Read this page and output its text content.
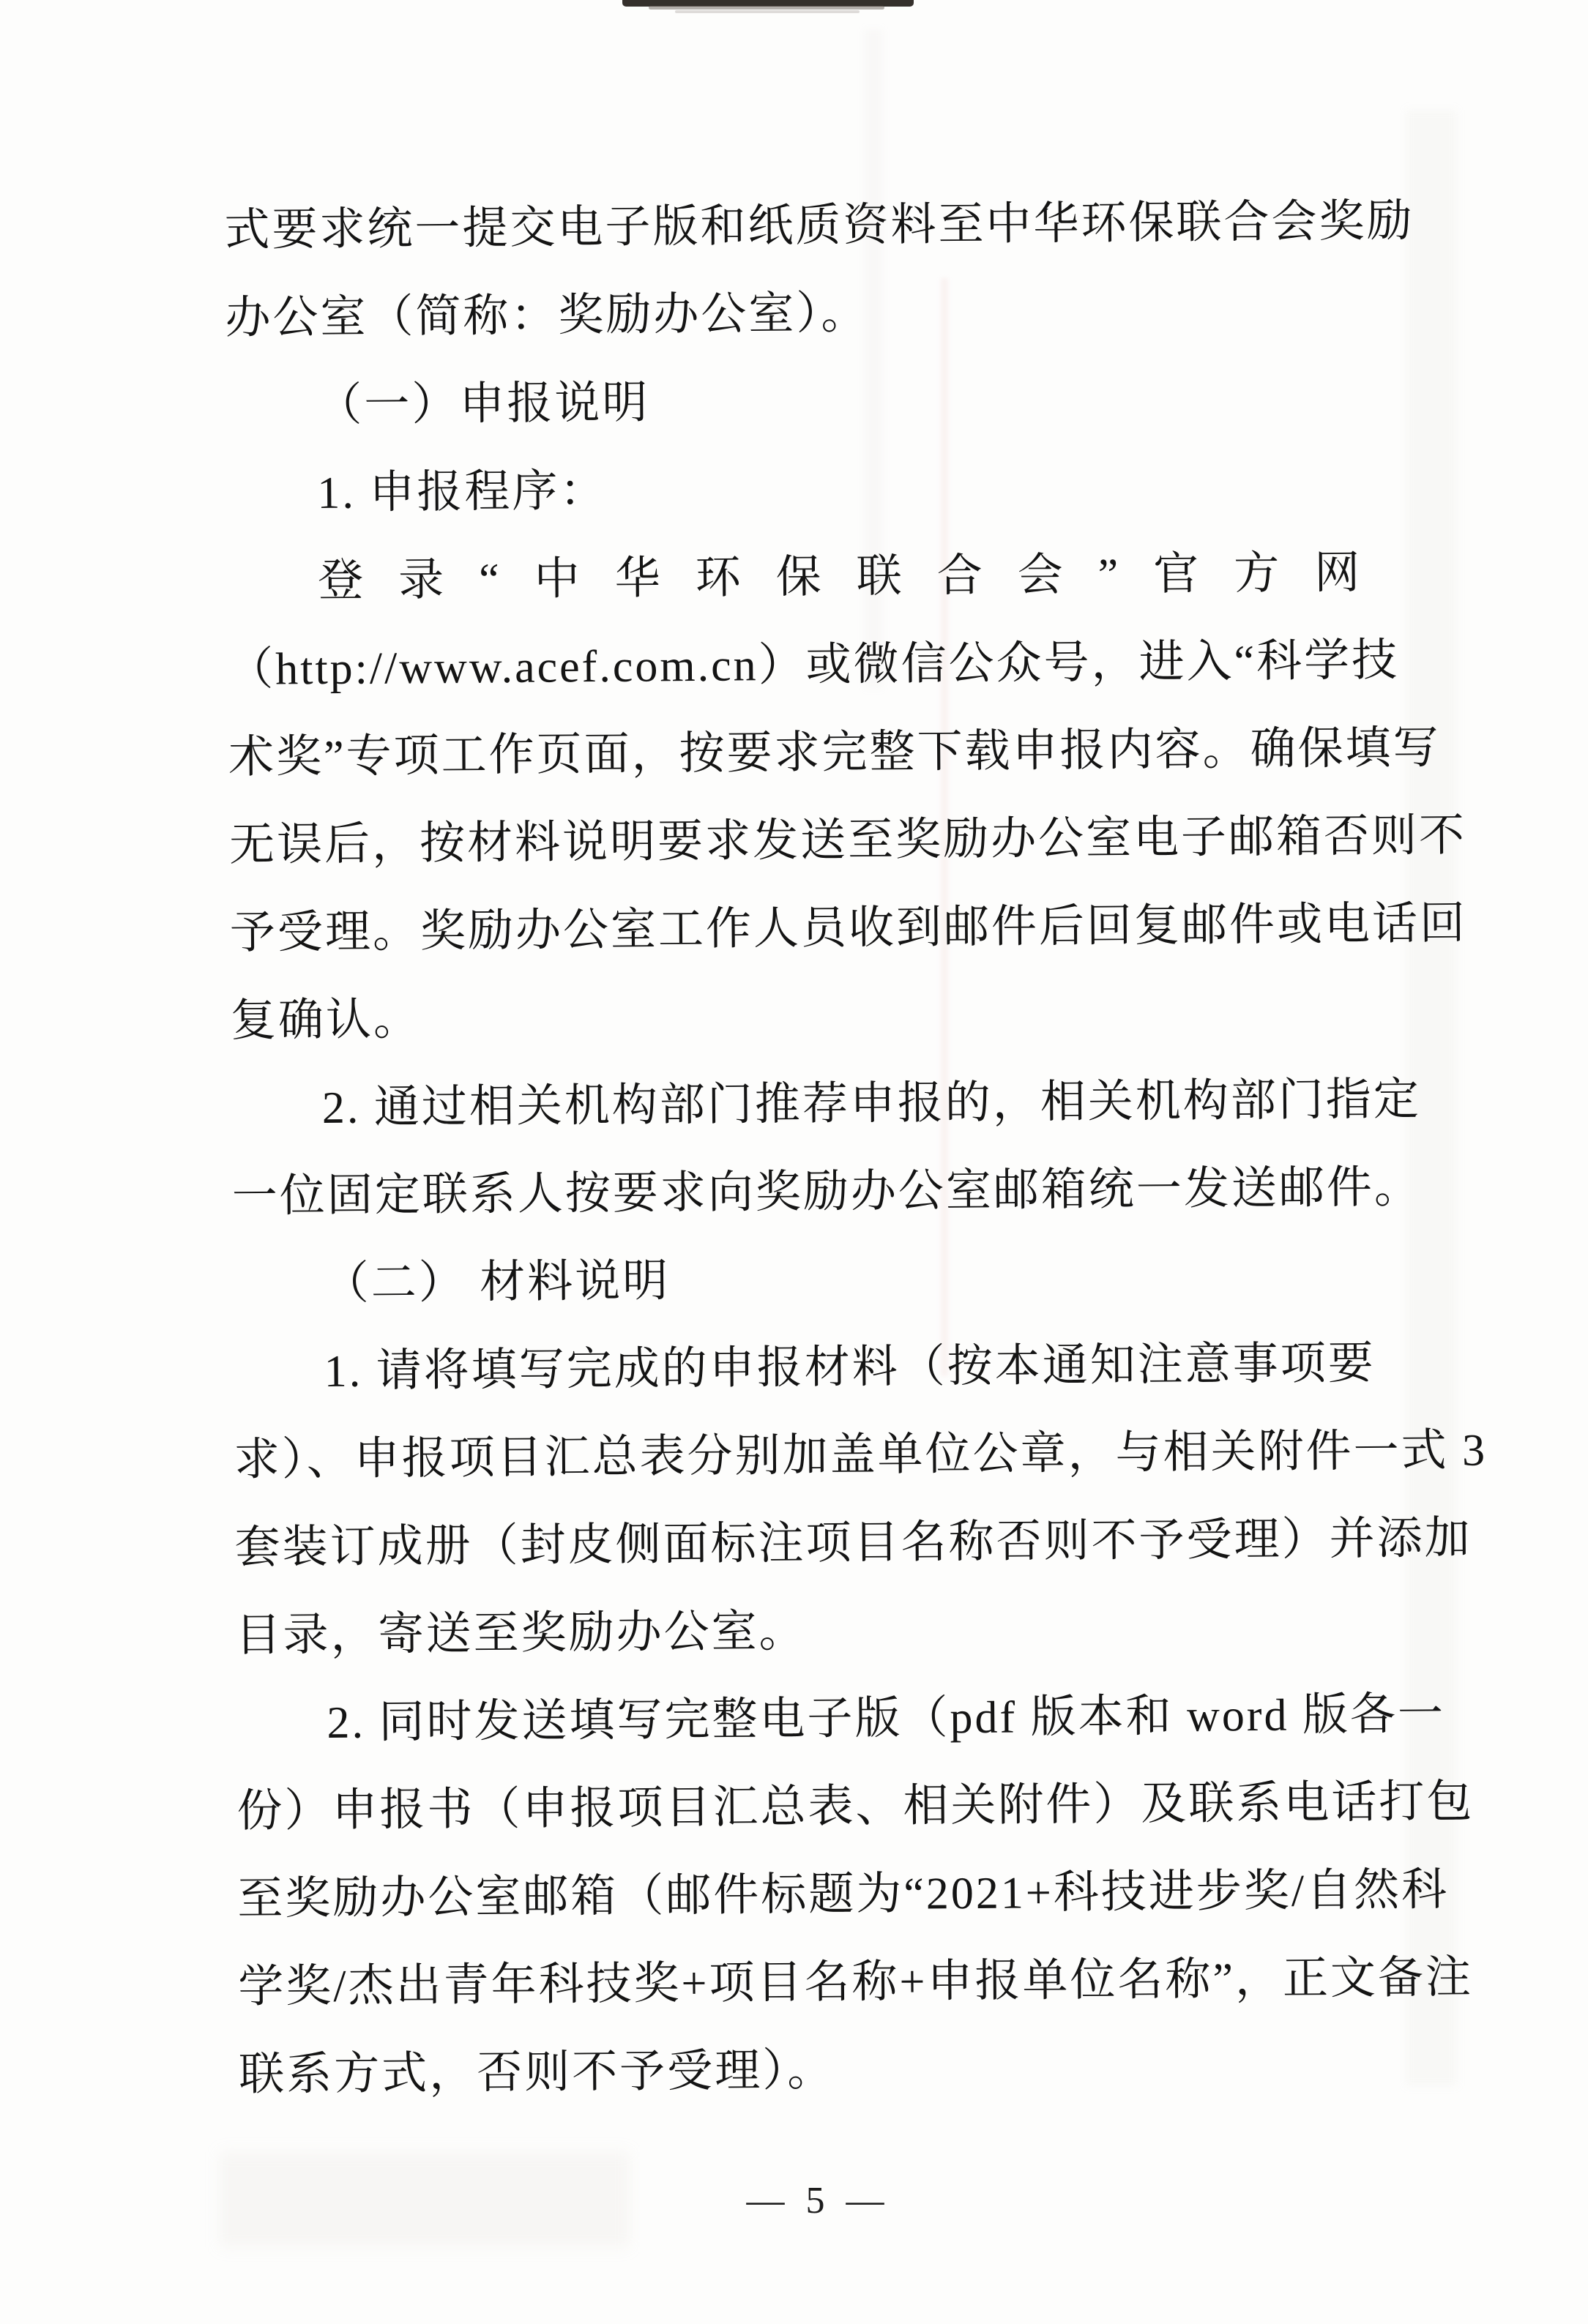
式要求统一提交电子版和纸质资料至中华环保联合会奖励
办公室（简称：奖励办公室）。
（一）申报说明
1. 申报程序：
登录“中华环保联合会”官方网
（http://www.acef.com.cn）或微信公众号，进入“科学技
术奖”专项工作页面，按要求完整下载申报内容。确保填写
无误后，按材料说明要求发送至奖励办公室电子邮箱否则不
予受理。奖励办公室工作人员收到邮件后回复邮件或电话回
复确认。
2. 通过相关机构部门推荐申报的，相关机构部门指定
一位固定联系人按要求向奖励办公室邮箱统一发送邮件。
（二） 材料说明
1. 请将填写完成的申报材料（按本通知注意事项要
求）、申报项目汇总表分别加盖单位公章，与相关附件一式 3
套装订成册（封皮侧面标注项目名称否则不予受理）并添加
目录，寄送至奖励办公室。
2. 同时发送填写完整电子版（pdf 版本和 word 版各一
份）申报书（申报项目汇总表、相关附件）及联系电话打包
至奖励办公室邮箱（邮件标题为“2021+科技进步奖/自然科
学奖/杰出青年科技奖+项目名称+申报单位名称”，正文备注
联系方式，否则不予受理）。
— 5 —
